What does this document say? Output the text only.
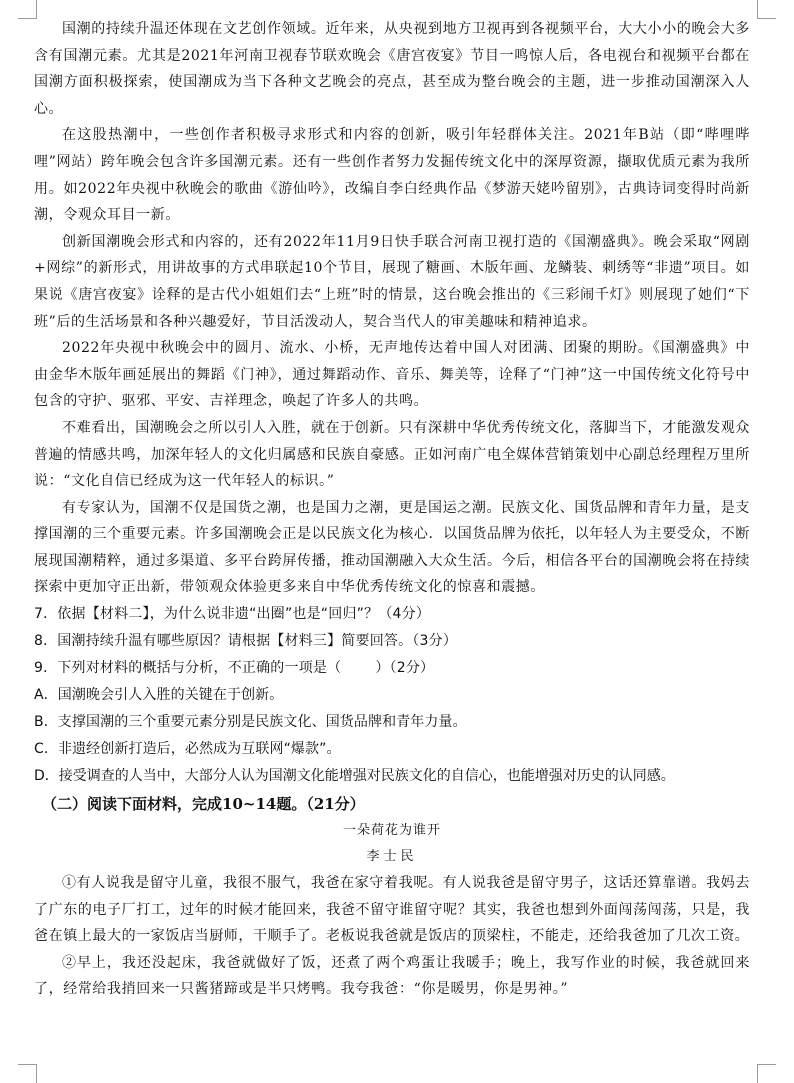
国潮的持续升温还体现在文艺创作领域。近年来，从央视到地方卫视再到各视频平台，大大小小的晚会大多含有国潮元素。尤其是2021年河南卫视春节联欢晚会《唐宫夜宴》节目一鸣惊人后，各电视台和视频平台都在国潮方面积极探索，使国潮成为当下各种文艺晚会的亮点，甚至成为整台晚会的主题，进一步推动国潮深入人心。

在这股热潮中，一些创作者积极寻求形式和内容的创新，吸引年轻群体关注。2021年B站（即“哔哩哔哩”网站）跨年晚会包含许多国潮元素。还有一些创作者努力发掘传统文化中的深厚资源，撷取优质元素为我所用。如2022年央视中秋晚会的歌曲《游仙吟》，改编自李白经典作品《梦游天姥吟留别》，古典诗词变得时尚新潮，令观众耳目一新。

创新国潮晚会形式和内容的，还有2022年11月9日快手联合河南卫视打造的《国潮盛典》。晚会采取“网剧+网综”的新形式，用讲故事的方式串联起10个节目，展现了糖画、木版年画、龙鳞装、刺绣等“非遗”项目。如果说《唐宫夜宴》诠释的是古代小姐姐们去“上班”时的情景，这台晚会推出的《三彩闹千灯》则展现了她们“下班”后的生活场景和各种兴趣爱好，节目活泼动人，契合当代人的审美趣味和精神追求。

2022年央视中秋晚会中的圆月、流水、小桥，无声地传达着中国人对团满、团聚的期盼。《国潮盛典》中由金华木版年画延展出的舞蹈《门神》，通过舞蹈动作、音乐、舞美等，诠释了“门神”这一中国传统文化符号中包含的守护、驱邪、平安、吉祥理念，唤起了许多人的共鸣。

不难看出，国潮晚会之所以引人入胜，就在于创新。只有深耕中华优秀传统文化，落脚当下，才能激发观众普遍的情感共鸣，加深年轻人的文化归属感和民族自豪感。正如河南广电全媒体营销策划中心副总经理程万里所说：“文化自信已经成为这一代年轻人的标识。”

有专家认为，国潮不仅是国货之潮，也是国力之潮，更是国运之潮。民族文化、国货品牌和青年力量，是支撑国潮的三个重要元素。许多国潮晚会正是以民族文化为核心．以国货品牌为依托，以年轻人为主要受众，不断展现国潮精粹，通过多渠道、多平台跨屏传播，推动国潮融入大众生活。今后，相信各平台的国潮晚会将在持续探索中更加守正出新，带领观众体验更多来自中华优秀传统文化的惊喜和震撼。

7．依据【材料二】，为什么说非遗“出圈”也是“回归”？（4分）

8．国潮持续升温有哪些原因？请根据【材料三】简要回答。（3分）

9．下列对材料的概括与分析，不正确的一项是（ ）（2分）

A．国潮晚会引人入胜的关键在于创新。

B．支撑国潮的三个重要元素分别是民族文化、国货品牌和青年力量。

C．非遗经创新打造后，必然成为互联网“爆款”。

D．接受调查的人当中，大部分人认为国潮文化能增强对民族文化的自信心，也能增强对历史的认同感。

（二）阅读下面材料，完成10~14题。（21分）

一朵荷花为谁开

李士民

①有人说我是留守儿童，我很不服气，我爸在家守着我呢。有人说我爸是留守男子，这话还算靠谱。我妈去了广东的电子厂打工，过年的时候才能回来，我爸不留守谁留守呢？其实，我爸也想到外面闯荡闯荡，只是，我爸在镇上最大的一家饭店当厨师，干顺手了。老板说我爸就是饭店的顶梁柱，不能走，还给我爸加了几次工资。

②早上，我还没起床，我爸就做好了饭，还煮了两个鸡蛋让我暖手；晚上，我写作业的时候，我爸就回来了，经常给我捎回来一只酱猪蹄或是半只烤鸭。我夸我爸：“你是暖男，你是男神。”
